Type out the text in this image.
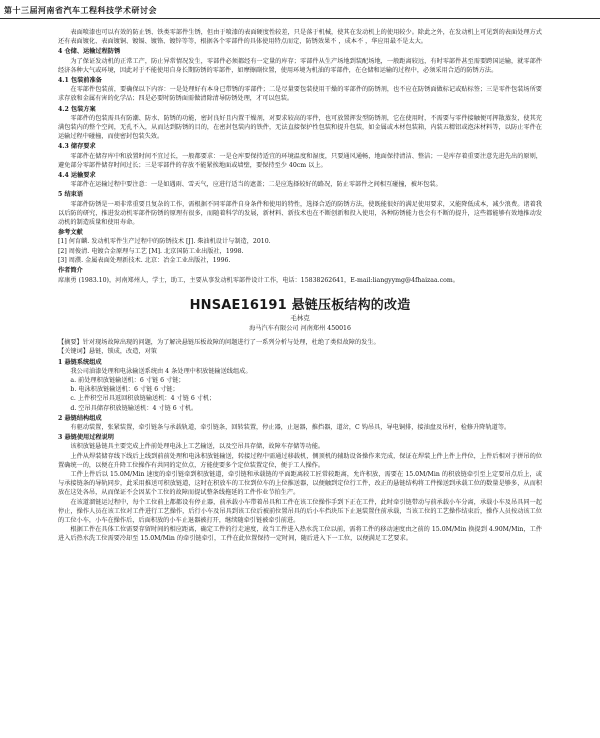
第十三届河南省汽车工程科技学术研讨会

表面喷漆也可以有效的防止锈、铁类零部件生锈，但由于喷漆的表面硬度性较差，只是落于机械，使其在发动机上的使用较少。除此之外，在发动机上可见到的表面处理方式还有表面镀化、表面镀铜、镀镉、镀铬、镀锌等等，根据各个零部件的具体使用特点而定，防锈效果不 ，成本不 ，华应用最不是太大。

4 仓储、运输过程防锈

为了保证发动机的正常工产，防止异常情况发生，零部件必须都经有一定量的库存；零部件从生产场地到装配场地，一般距离较远，有时零部件甚至需要跨国运输，就零部件经济各种大气或环境，因此对于不能使用自身长期防锈的零部件，如摩擦副位置，使用环境为机油的零部件，在仓储和运输的过程中，必须采用合适的防锈方法。

4.1 包装前准备

在零部件包装前，要确保以下内容：一是处理好有本身已带锈的零部件；二是尽量要包装使用干燥的零部件的防锈剂，也不应在防锈面做标记或贴标签；三是零件包装场所要求存放和金属有害的化学品；四是必要时防锈面需做清除清导防锈处理，才可以包装。

4.2 包装方案

零部件的包装需具有防潮、防水、防锈的功能，密封良好且内置干燥剂，对要求较高的零件，也可放置挥发型防锈剂，它在使用时，不需要与零件接触便可挥散蒸发，使其充满包装内的整个空间，无孔不入，从而达到防锈的目的，在密封包装内的铁件，无法直接保护性包装和提升包装，如金属或木材包装箱，内装五精铝或泡沫材料等，以防止零件在运输过程中碰撞，而使密封包装失效。

4.3 储存要求

零部件在储存库中和放置时间不宜过长，一般都要求：一是仓库要保持适宜的环境温度和湿度，只要通风通畅，地面保持清洁、整洁；一是库存着重要注意先进先出的原则，避免部分零部件储存时间过长；三是零部件的存放不能紧挨地面或墙壁，要保持至少 40cm 以上。

4.4 运输要求

零部件在运输过程中要注意：一是如遇雨、雪天气，应进行适当的遮盖；二是应选择较好的路况，防止零部件之间相互碰撞，被坏包装。

5 结束语

零部件防锈是一项非常重要且复杂的工作，需根据不同零部件自身条件和使用的特性，选择合适的防锈方法，使既能很好的满足使用要求，又能降低成本，减少浪费。诸着我以后防的研究，推进发动机零部件防锈的原理有很多，而随着科学的发展，新材料、新技术也在不断创新和投入使用，各种防锈能力也会有不断的提升，这些都能够有效地推动发动机的制造质量和使用寿命。

参考文献

[1] 何育麟. 发动机零件生产过程中的防锈技术 [J]. 柴油机设计与制造，2010.

[2] 周俊清. 电镀合金原理与工艺 [M]. 北京国防工业出版社，1998.

[3] 周濮. 金属表面处理新技术. 北京：冶金工业出版社，1996.

作者简介

席康勇 (1983.10)，河南郑州人，学士，助工，主要从事发动机零部件设计工作，电话：15838262641，E-mail:liangyymg@4fhaizaa.com。

HNSAE16191 悬链压板结构的改造
毛林克
海马汽车有限公司 河南郑州 450016

【摘要】针对现场故障出现的问题，为了解决悬链压板故障的问题进行了一系列分析与处理，杜绝了类似故障的发生。

【关键词】悬链，锁成，改造，对策

1 悬链系统组成

我公司油漆处理和电泳输送系统由 4 条处理中积放链输送线组成。

a. 前处理积放链输送机：6 寸链 6 寸链；

b. 电泳积放链输送机：6 寸链 6 寸链；

c. 上件积空吊具返回积放链输送机：4 寸链 6 寸机；

d. 空吊具储存积放链输送机：4 寸链 6 寸机。

2 悬链结构组成

有驱动装置，张紧装置，牵引链条与承载轨道，牵引链条，回转装置，停止器，止退器，推挡器，道岔，C 钩吊具，导电铜排，接油盘及吊杆，检修升降轨道等。

3 悬链使用过程说明

该积放链悬链具主要完成上件前处理电泳上工艺输送，以及空吊具存储，故障车存储等功能。

上件从焊装储存线下线后上线到前前处理和电泳积放链输送，转接过程中需通过移载机，侧顶机的辅助设备操作来完成，保证在焊装上件上件上件位，上件后相对于拼吊的位置确统一的，以便在升降工位操作有共同的定位点，方能使要多个定位装置定位，便于工人操作。

工件上件后以 15.0M/Min 速度的牵引链牵到积放链道，牵引链和承载链的平面距离较工匠常较距离，允许积放，需要在 15.0M/Min 的积放链牵引至上定要吊点后上，或与承接链条的导轨同步，此采用推送可积放链道，这时在积放车的工位到位车的上位推送器，以便触到定位行工件，改正的悬链结构将工件操送到承载工位的数量是够多，从而积放在这处各吊，从而保证不会因某个工位的故障而提试整条线拖延的工件作业节拍生产。

在该道溜链运过程中，每个工位前上都都设有停止器，前承载小车带着吊具和工件在该工位操作手到下正在工件，此时牵引链带动与前承载小车分离，承载小车及吊具同一起停止，操作人员在该工位对工件进行工艺操作，后行小车及吊具到该工位后被前位置吊具的后小车挡块压下止退装置住前承载，当该工位的工艺操作结束后，操作人员按动该工位的工位小车，小车在操作后，后面积放的小车止退器被打开，继续随牵引链被牵引前进。

根据工件在具体工位需要存留时间的相应距离，确定工件的行走速度，故当工件进入热水洗工位以前，需将工件的移动速度由之前的 15.0M/Min 换提到 4.90M/Min，工件进入后热水洗工位需要冷却至 15.0M/Min 的牵引链牵引，工件在此位置保持一定时间，随后进入下一工位，以便满足工艺要求。
